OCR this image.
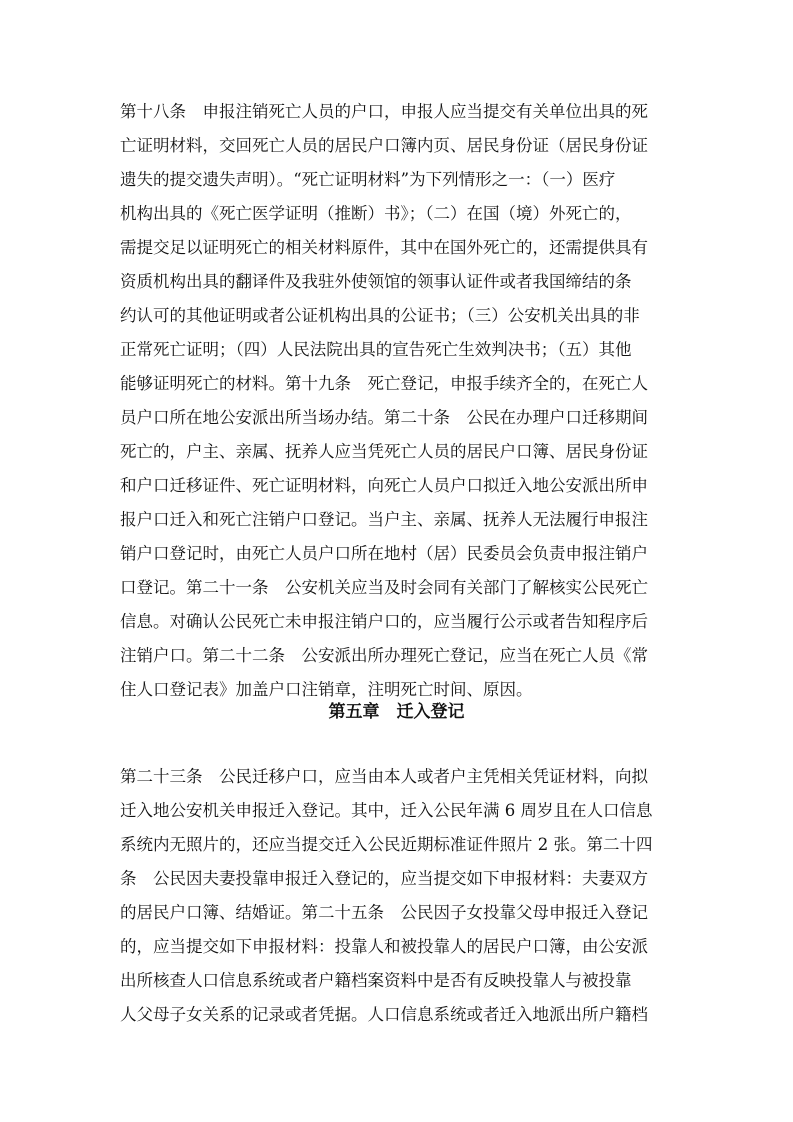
第十八条　申报注销死亡人员的户口，申报人应当提交有关单位出具的死
亡证明材料，交回死亡人员的居民户口簿内页、居民身份证（居民身份证
遗失的提交遗失声明）。“死亡证明材料”为下列情形之一：（一）医疗
机构出具的《死亡医学证明（推断）书》；（二）在国（境）外死亡的，
需提交足以证明死亡的相关材料原件，其中在国外死亡的，还需提供具有
资质机构出具的翻译件及我驻外使领馆的领事认证件或者我国缔结的条
约认可的其他证明或者公证机构出具的公证书；（三）公安机关出具的非
正常死亡证明；（四）人民法院出具的宣告死亡生效判决书；（五）其他
能够证明死亡的材料。第十九条　死亡登记，申报手续齐全的，在死亡人
员户口所在地公安派出所当场办结。第二十条　公民在办理户口迁移期间
死亡的，户主、亲属、抚养人应当凭死亡人员的居民户口簿、居民身份证
和户口迁移证件、死亡证明材料，向死亡人员户口拟迁入地公安派出所申
报户口迁入和死亡注销户口登记。当户主、亲属、抚养人无法履行申报注
销户口登记时，由死亡人员户口所在地村（居）民委员会负责申报注销户
口登记。第二十一条　公安机关应当及时会同有关部门了解核实公民死亡
信息。对确认公民死亡未申报注销户口的，应当履行公示或者告知程序后
注销户口。第二十二条　公安派出所办理死亡登记，应当在死亡人员《常
住人口登记表》加盖户口注销章，注明死亡时间、原因。
第五章　迁入登记
第二十三条　公民迁移户口，应当由本人或者户主凭相关凭证材料，向拟
迁入地公安机关申报迁入登记。其中，迁入公民年满 6 周岁且在人口信息
系统内无照片的，还应当提交迁入公民近期标准证件照片 2 张。第二十四
条　公民因夫妻投靠申报迁入登记的，应当提交如下申报材料：夫妻双方
的居民户口簿、结婚证。第二十五条　公民因子女投靠父母申报迁入登记
的，应当提交如下申报材料：投靠人和被投靠人的居民户口簿，由公安派
出所核查人口信息系统或者户籍档案资料中是否有反映投靠人与被投靠
人父母子女关系的记录或者凭据。人口信息系统或者迁入地派出所户籍档
